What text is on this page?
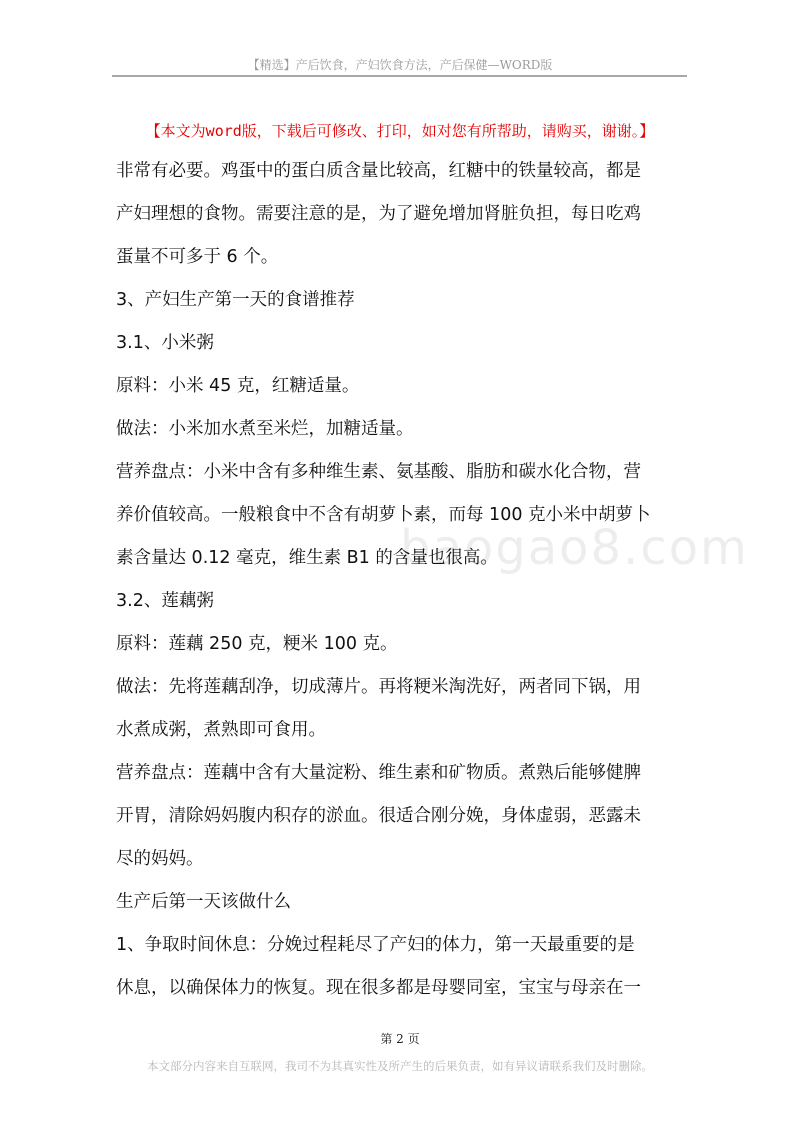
【精选】产后饮食，产妇饮食方法，产后保健—WORD版
【本文为word版，下载后可修改、打印，如对您有所帮助，请购买，谢谢。】
baogao8.com
非常有必要。鸡蛋中的蛋白质含量比较高，红糖中的铁量较高，都是
产妇理想的食物。需要注意的是，为了避免增加肾脏负担，每日吃鸡
蛋量不可多于 6 个。
3、产妇生产第一天的食谱推荐
3.1、小米粥
原料：小米 45 克，红糖适量。
做法：小米加水煮至米烂，加糖适量。
营养盘点：小米中含有多种维生素、氨基酸、脂肪和碳水化合物，营
养价值较高。一般粮食中不含有胡萝卜素，而每 100 克小米中胡萝卜
素含量达 0.12 毫克，维生素 B1 的含量也很高。
3.2、莲藕粥
原料：莲藕 250 克，粳米 100 克。
做法：先将莲藕刮净，切成薄片。再将粳米淘洗好，两者同下锅，用
水煮成粥，煮熟即可食用。
营养盘点：莲藕中含有大量淀粉、维生素和矿物质。煮熟后能够健脾
开胃，清除妈妈腹内积存的淤血。很适合刚分娩，身体虚弱，恶露未
尽的妈妈。
生产后第一天该做什么
1、争取时间休息：分娩过程耗尽了产妇的体力，第一天最重要的是
休息，以确保体力的恢复。现在很多都是母婴同室，宝宝与母亲在一
第 2 页
本文部分内容来自互联网，我司不为其真实性及所产生的后果负责，如有异议请联系我们及时删除。
